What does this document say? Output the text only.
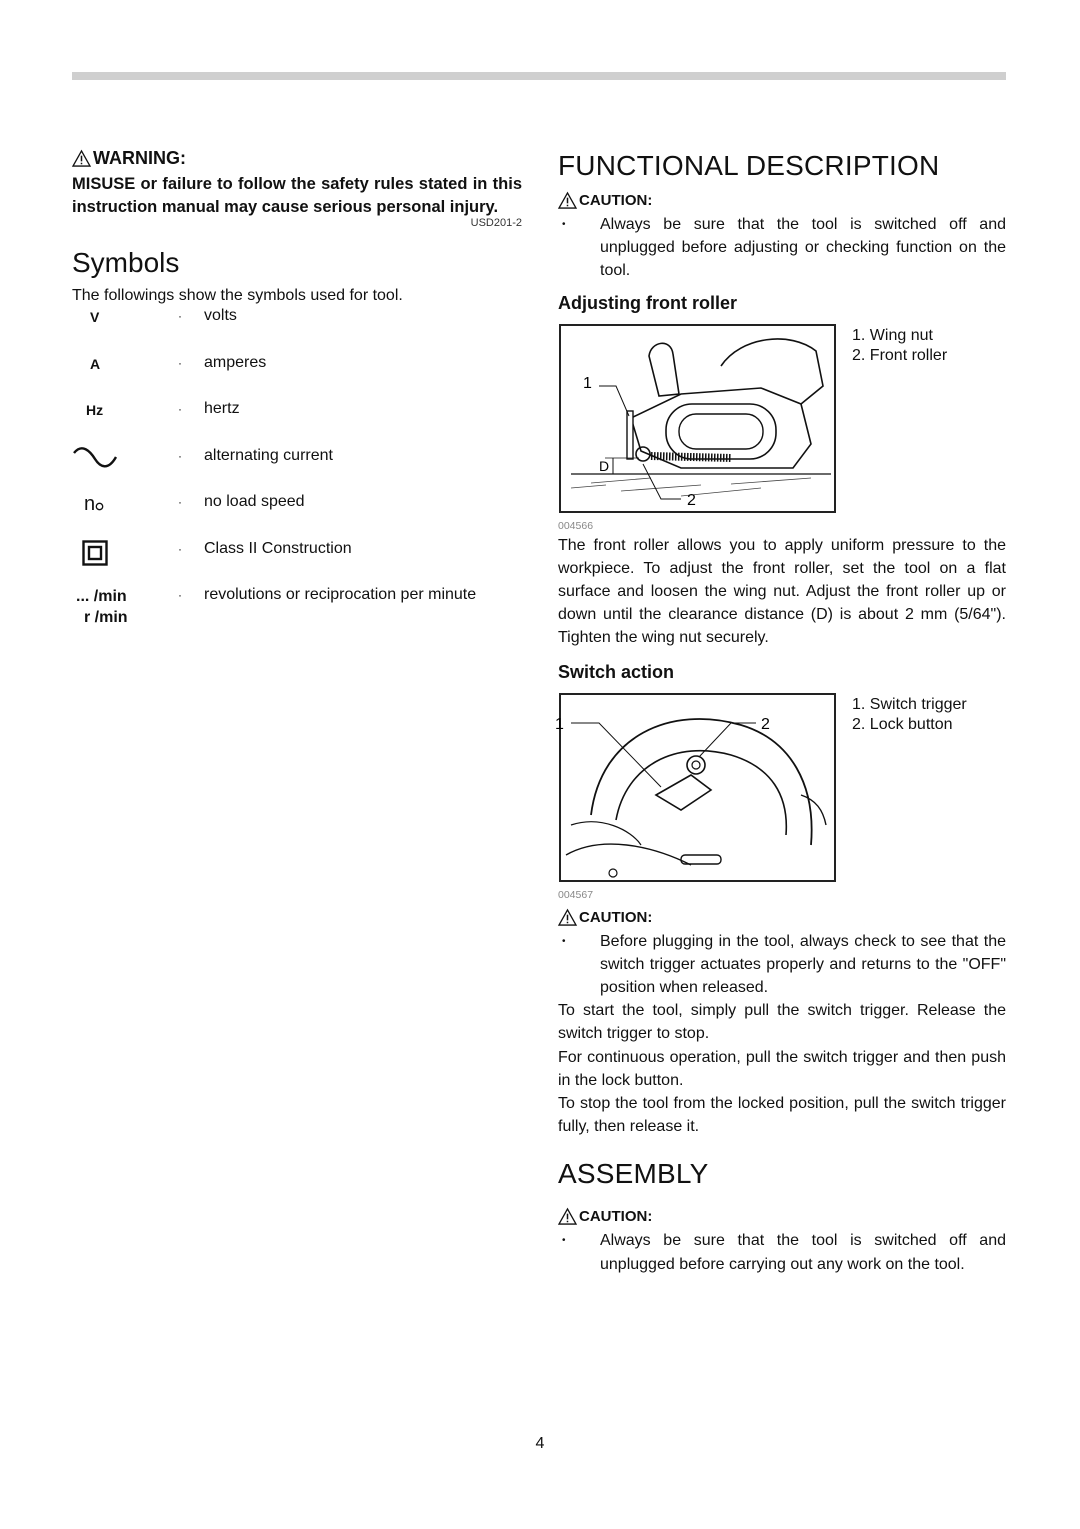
WARNING:
MISUSE or failure to follow the safety rules stated in this instruction manual may cause serious personal injury.
USD201-2
Symbols
The followings show the symbols used for tool.
V	·	volts
A	·	amperes
Hz	·	hertz
·	alternating current
n	·	no load speed
·	Class II Construction
... /min
r /min
·	revolutions or reciprocation per minute
FUNCTIONAL DESCRIPTION
CAUTION:
•	Always be sure that the tool is switched off and unplugged before adjusting or checking function on the tool.
Adjusting front roller
D
1
2
1. Wing nut
2. Front roller
004566
The front roller allows you to apply uniform pressure to the workpiece. To adjust the front roller, set the tool on a flat surface and loosen the wing nut. Adjust the front roller up or down until the clearance distance (D) is about 2 mm (5/64"). Tighten the wing nut securely.
Switch action
1	2
1. Switch trigger
2. Lock button
004567
CAUTION:
•	Before plugging in the tool, always check to see that the switch trigger actuates properly and returns to the "OFF" position when released.
To start the tool, simply pull the switch trigger. Release the switch trigger to stop.
For continuous operation, pull the switch trigger and then push in the lock button.
To stop the tool from the locked position, pull the switch trigger fully, then release it.
ASSEMBLY
CAUTION:
•	Always be sure that the tool is switched off and unplugged before carrying out any work on the tool.
4
